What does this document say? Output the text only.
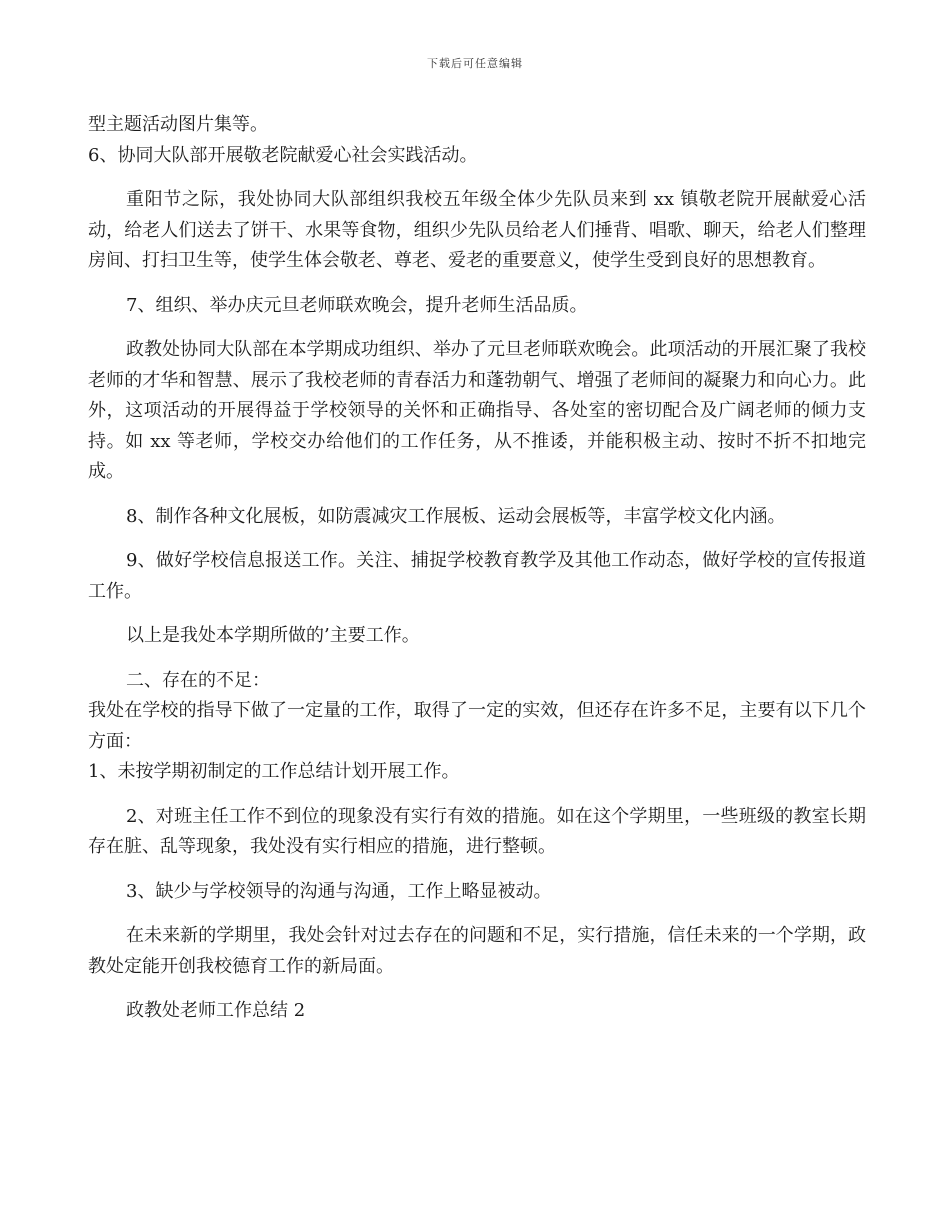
下载后可任意编辑

型主题活动图片集等。

6、协同大队部开展敬老院献爱心社会实践活动。

重阳节之际，我处协同大队部组织我校五年级全体少先队员来到 xx 镇敬老院开展献爱心活动，给老人们送去了饼干、水果等食物，组织少先队员给老人们捶背、唱歌、聊天，给老人们整理房间、打扫卫生等，使学生体会敬老、尊老、爱老的重要意义，使学生受到良好的思想教育。

7、组织、举办庆元旦老师联欢晚会，提升老师生活品质。

政教处协同大队部在本学期成功组织、举办了元旦老师联欢晚会。此项活动的开展汇聚了我校老师的才华和智慧、展示了我校老师的青春活力和蓬勃朝气、增强了老师间的凝聚力和向心力。此外，这项活动的开展得益于学校领导的关怀和正确指导、各处室的密切配合及广阔老师的倾力支持。如 xx 等老师，学校交办给他们的工作任务，从不推诿，并能积极主动、按时不折不扣地完成。

8、制作各种文化展板，如防震减灾工作展板、运动会展板等，丰富学校文化内涵。

9、做好学校信息报送工作。关注、捕捉学校教育教学及其他工作动态，做好学校的宣传报道工作。

以上是我处本学期所做的’主要工作。

二、存在的不足：

我处在学校的指导下做了一定量的工作，取得了一定的实效，但还存在许多不足，主要有以下几个方面：

1、未按学期初制定的工作总结计划开展工作。

2、对班主任工作不到位的现象没有实行有效的措施。如在这个学期里，一些班级的教室长期存在脏、乱等现象，我处没有实行相应的措施，进行整顿。

3、缺少与学校领导的沟通与沟通，工作上略显被动。

在未来新的学期里，我处会针对过去存在的问题和不足，实行措施，信任未来的一个学期，政教处定能开创我校德育工作的新局面。

政教处老师工作总结 2
